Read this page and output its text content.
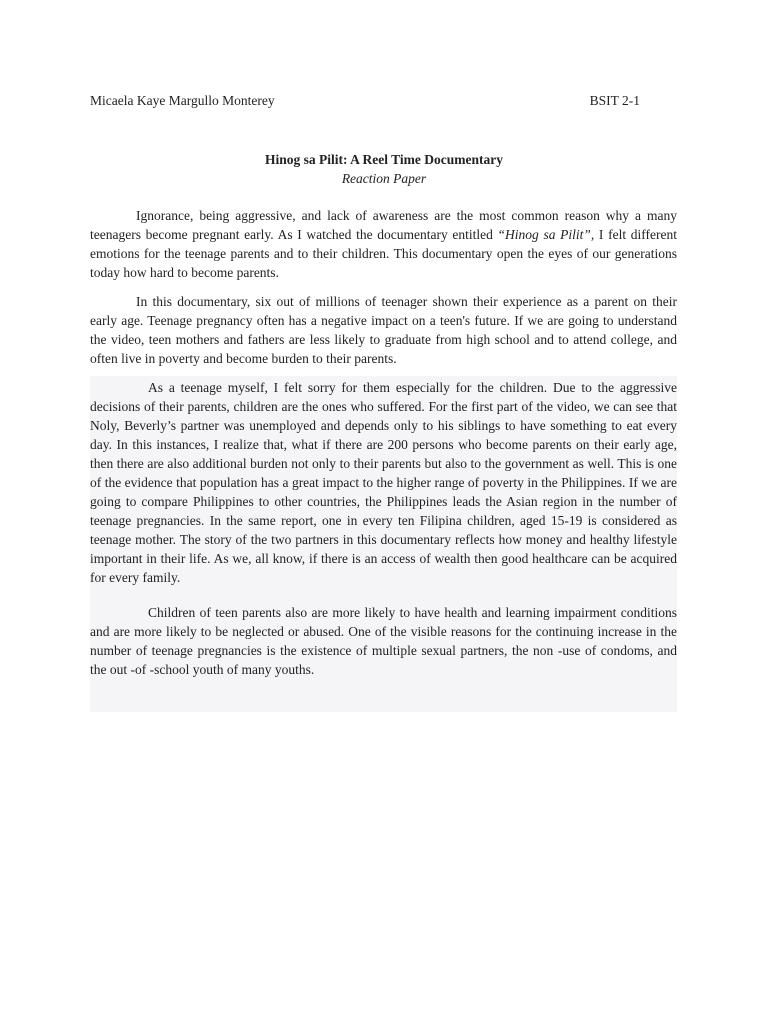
Micaela Kaye Margullo Monterey	BSIT 2-1
Hinog sa Pilit: A Reel Time Documentary
Reaction Paper

Ignorance, being aggressive, and lack of awareness are the most common reason why a many teenagers become pregnant early. As I watched the documentary entitled “Hinog sa Pilit”, I felt different emotions for the teenage parents and to their children. This documentary open the eyes of our generations today how hard to become parents.

In this documentary, six out of millions of teenager shown their experience as a parent on their early age. Teenage pregnancy often has a negative impact on a teen's future. If we are going to understand the video, teen mothers and fathers are less likely to graduate from high school and to attend college, and often live in poverty and become burden to their parents.

As a teenage myself, I felt sorry for them especially for the children. Due to the aggressive decisions of their parents, children are the ones who suffered. For the first part of the video, we can see that Noly, Beverly’s partner was unemployed and depends only to his siblings to have something to eat every day. In this instances, I realize that, what if there are 200 persons who become parents on their early age, then there are also additional burden not only to their parents but also to the government as well. This is one of the evidence that population has a great impact to the higher range of poverty in the Philippines. If we are going to compare Philippines to other countries, the Philippines leads the Asian region in the number of teenage pregnancies. In the same report, one in every ten Filipina children, aged 15-19 is considered as teenage mother. The story of the two partners in this documentary reflects how money and healthy lifestyle important in their life. As we, all know, if there is an access of wealth then good healthcare can be acquired for every family.

Children of teen parents also are more likely to have health and learning impairment conditions and are more likely to be neglected or abused. One of the visible reasons for the continuing increase in the number of teenage pregnancies is the existence of multiple sexual partners, the non -use of condoms, and the out -of -school youth of many youths.
